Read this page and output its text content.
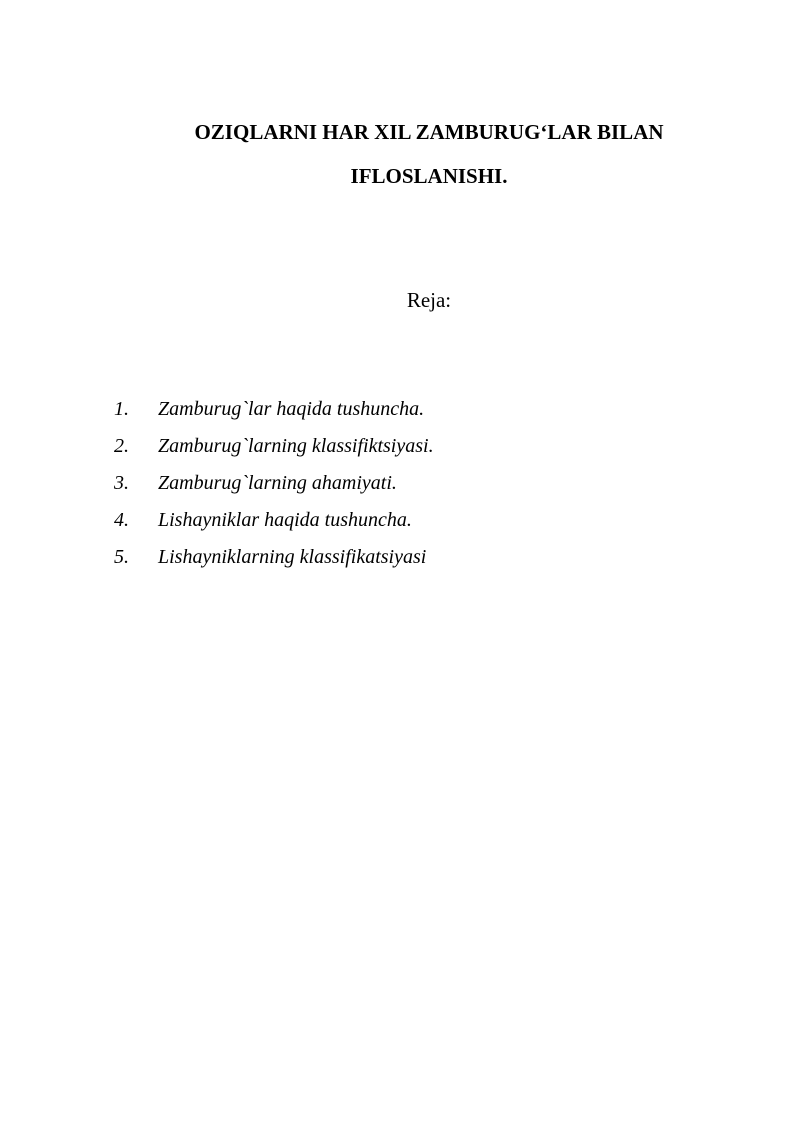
OZIQLARNI HAR XIL ZAMBURUG‘LAR BILAN
IFLOSLANISHI.
Reja:
1. Zamburug`lar haqida tushuncha.
2. Zamburug`larning klassifiktsiyasi.
3. Zamburug`larning ahamiyati.
4. Lishayniklar haqida tushuncha.
5. Lishayniklarning klassifikatsiyasi
